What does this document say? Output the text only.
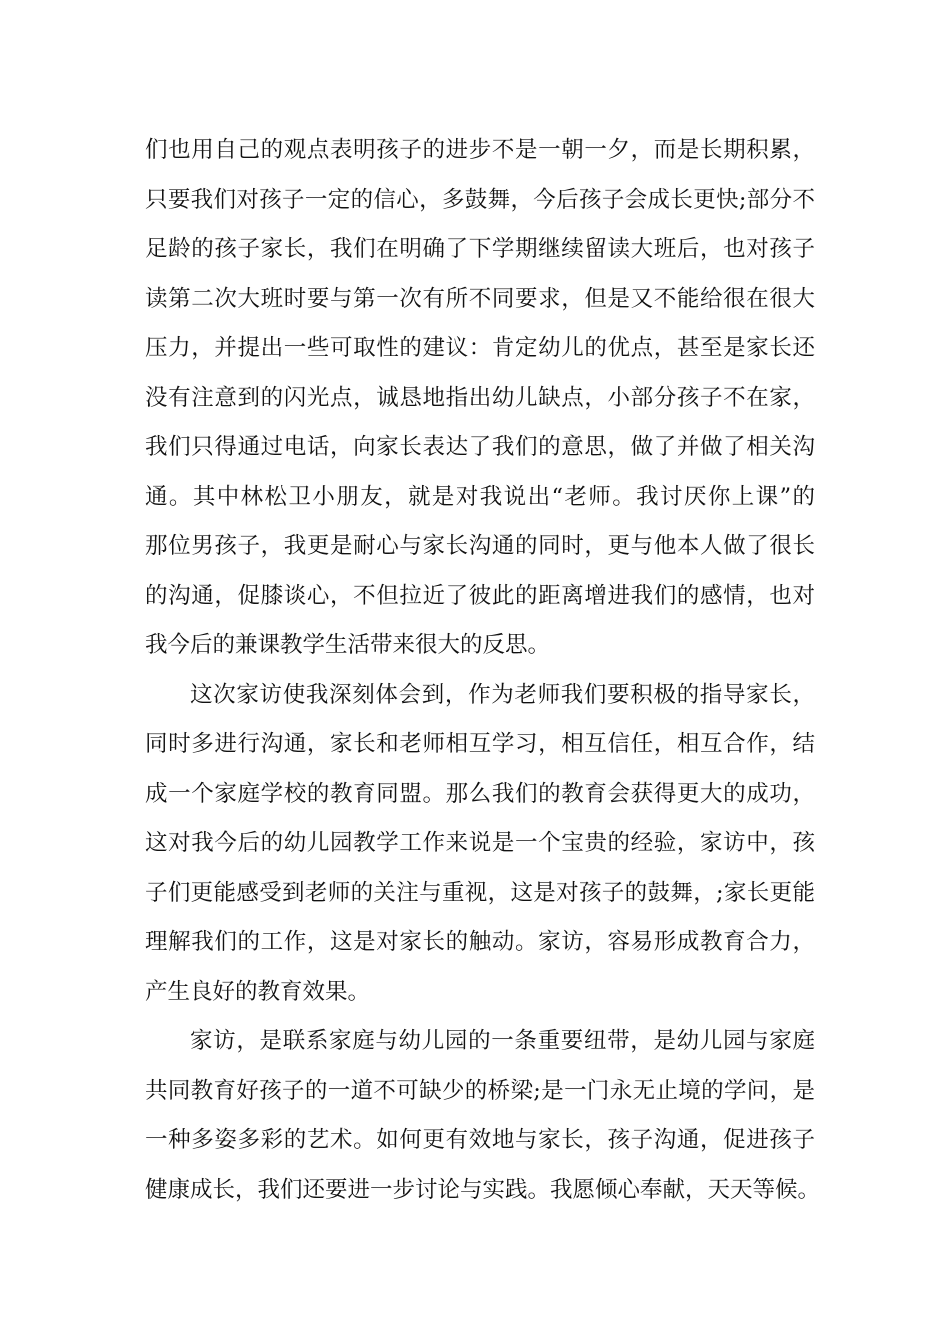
们也用自己的观点表明孩子的进步不是一朝一夕，而是长期积累，
只要我们对孩子一定的信心，多鼓舞，今后孩子会成长更快;部分不
足龄的孩子家长，我们在明确了下学期继续留读大班后，也对孩子
读第二次大班时要与第一次有所不同要求，但是又不能给很在很大
压力，并提出一些可取性的建议：肯定幼儿的优点，甚至是家长还
没有注意到的闪光点，诚恳地指出幼儿缺点，小部分孩子不在家，
我们只得通过电话，向家长表达了我们的意思，做了并做了相关沟
通。其中林松卫小朋友，就是对我说出“老师。我讨厌你上课”的
那位男孩子，我更是耐心与家长沟通的同时，更与他本人做了很长
的沟通，促膝谈心，不但拉近了彼此的距离增进我们的感情，也对
我今后的兼课教学生活带来很大的反思。
这次家访使我深刻体会到，作为老师我们要积极的指导家长，
同时多进行沟通，家长和老师相互学习，相互信任，相互合作，结
成一个家庭学校的教育同盟。那么我们的教育会获得更大的成功，
这对我今后的幼儿园教学工作来说是一个宝贵的经验，家访中，孩
子们更能感受到老师的关注与重视，这是对孩子的鼓舞，;家长更能
理解我们的工作，这是对家长的触动。家访，容易形成教育合力，
产生良好的教育效果。
家访，是联系家庭与幼儿园的一条重要纽带，是幼儿园与家庭
共同教育好孩子的一道不可缺少的桥梁;是一门永无止境的学问，是
一种多姿多彩的艺术。如何更有效地与家长，孩子沟通，促进孩子
健康成长，我们还要进一步讨论与实践。我愿倾心奉献，天天等候。
